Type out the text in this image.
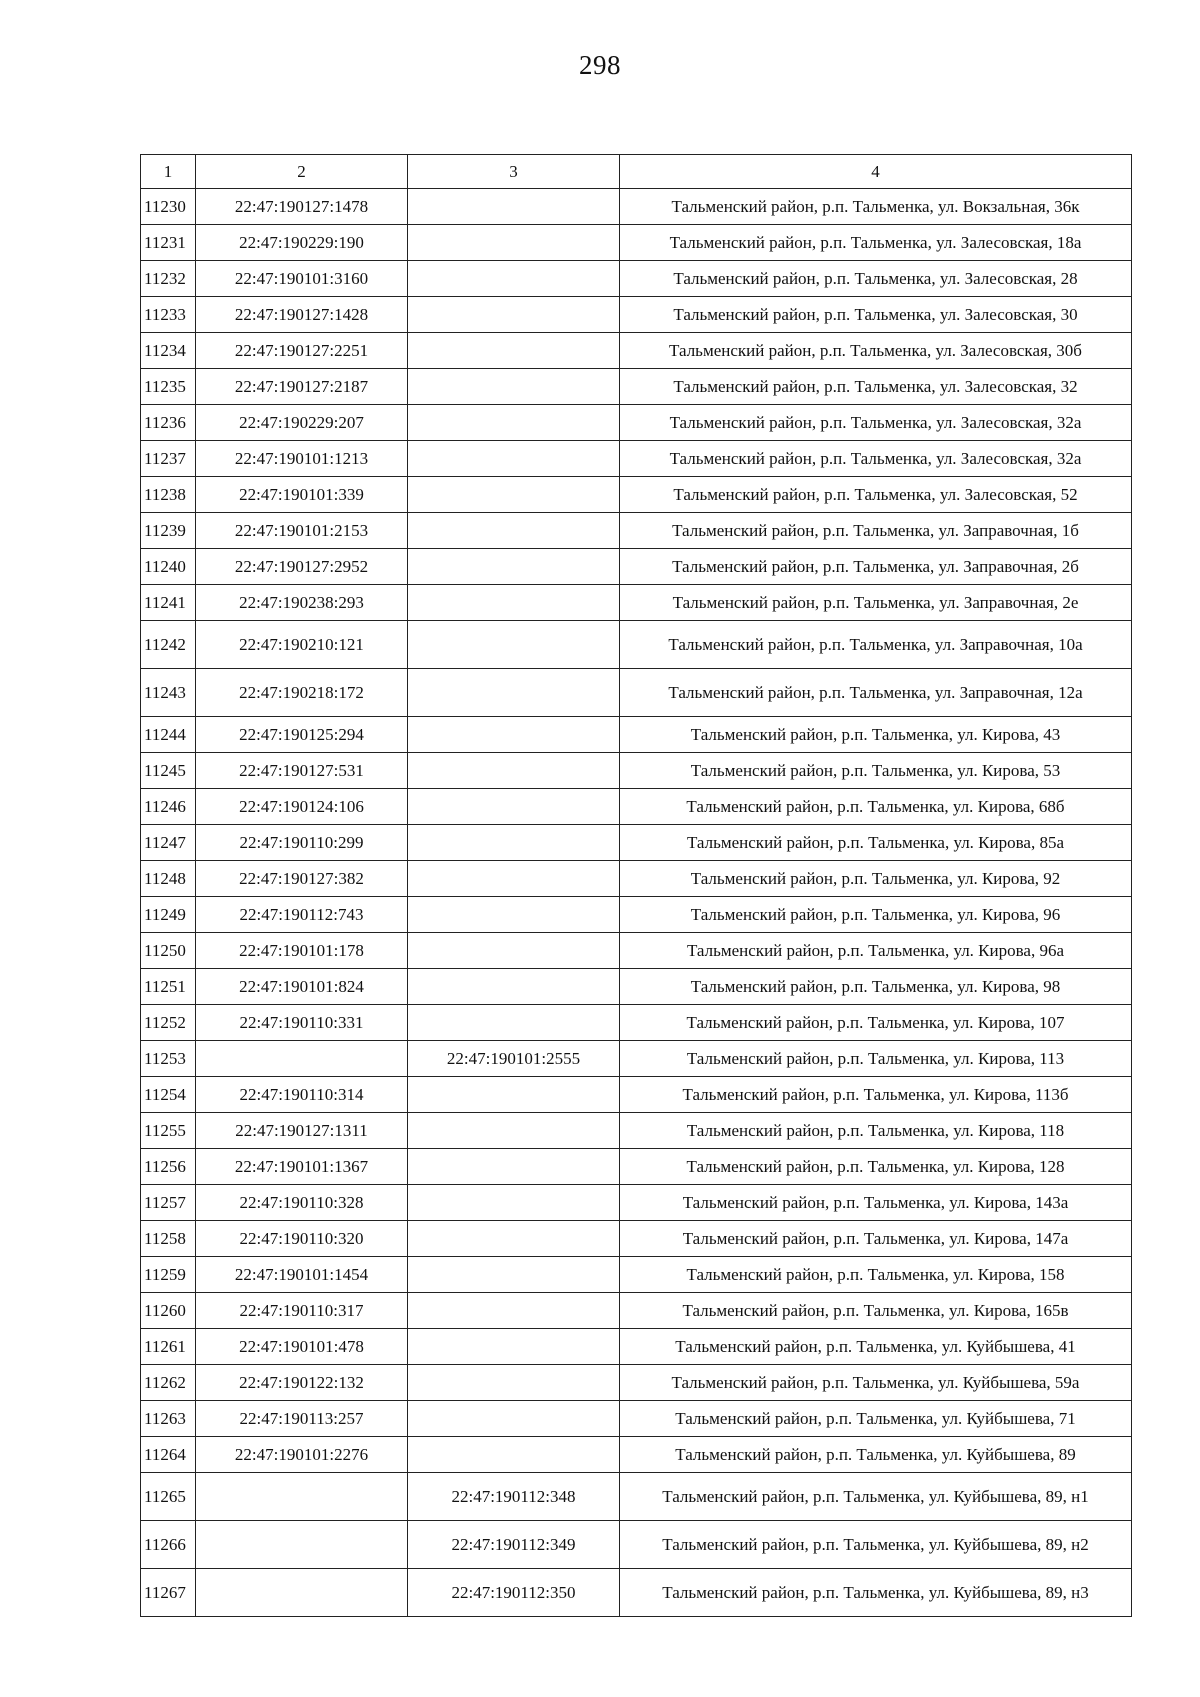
298
1	2	3	4
11230	22:47:190127:1478		Тальменский район, р.п. Тальменка, ул. Вокзальная, 36к
11231	22:47:190229:190		Тальменский район, р.п. Тальменка, ул. Залесовская, 18а
11232	22:47:190101:3160		Тальменский район, р.п. Тальменка, ул. Залесовская, 28
11233	22:47:190127:1428		Тальменский район, р.п. Тальменка, ул. Залесовская, 30
11234	22:47:190127:2251		Тальменский район, р.п. Тальменка, ул. Залесовская, 30б
11235	22:47:190127:2187		Тальменский район, р.п. Тальменка, ул. Залесовская, 32
11236	22:47:190229:207		Тальменский район, р.п. Тальменка, ул. Залесовская, 32а
11237	22:47:190101:1213		Тальменский район, р.п. Тальменка, ул. Залесовская, 32а
11238	22:47:190101:339		Тальменский район, р.п. Тальменка, ул. Залесовская, 52
11239	22:47:190101:2153		Тальменский район, р.п. Тальменка, ул. Заправочная, 1б
11240	22:47:190127:2952		Тальменский район, р.п. Тальменка, ул. Заправочная, 2б
11241	22:47:190238:293		Тальменский район, р.п. Тальменка, ул. Заправочная, 2е
11242	22:47:190210:121		Тальменский район, р.п. Тальменка, ул. Заправочная, 10а
11243	22:47:190218:172		Тальменский район, р.п. Тальменка, ул. Заправочная, 12а
11244	22:47:190125:294		Тальменский район, р.п. Тальменка, ул. Кирова, 43
11245	22:47:190127:531		Тальменский район, р.п. Тальменка, ул. Кирова, 53
11246	22:47:190124:106		Тальменский район, р.п. Тальменка, ул. Кирова, 68б
11247	22:47:190110:299		Тальменский район, р.п. Тальменка, ул. Кирова, 85а
11248	22:47:190127:382		Тальменский район, р.п. Тальменка, ул. Кирова, 92
11249	22:47:190112:743		Тальменский район, р.п. Тальменка, ул. Кирова, 96
11250	22:47:190101:178		Тальменский район, р.п. Тальменка, ул. Кирова, 96а
11251	22:47:190101:824		Тальменский район, р.п. Тальменка, ул. Кирова, 98
11252	22:47:190110:331		Тальменский район, р.п. Тальменка, ул. Кирова, 107
11253		22:47:190101:2555	Тальменский район, р.п. Тальменка, ул. Кирова, 113
11254	22:47:190110:314		Тальменский район, р.п. Тальменка, ул. Кирова, 113б
11255	22:47:190127:1311		Тальменский район, р.п. Тальменка, ул. Кирова, 118
11256	22:47:190101:1367		Тальменский район, р.п. Тальменка, ул. Кирова, 128
11257	22:47:190110:328		Тальменский район, р.п. Тальменка, ул. Кирова, 143а
11258	22:47:190110:320		Тальменский район, р.п. Тальменка, ул. Кирова, 147а
11259	22:47:190101:1454		Тальменский район, р.п. Тальменка, ул. Кирова, 158
11260	22:47:190110:317		Тальменский район, р.п. Тальменка, ул. Кирова, 165в
11261	22:47:190101:478		Тальменский район, р.п. Тальменка, ул. Куйбышева, 41
11262	22:47:190122:132		Тальменский район, р.п. Тальменка, ул. Куйбышева, 59а
11263	22:47:190113:257		Тальменский район, р.п. Тальменка, ул. Куйбышева, 71
11264	22:47:190101:2276		Тальменский район, р.п. Тальменка, ул. Куйбышева, 89
11265		22:47:190112:348	Тальменский район, р.п. Тальменка, ул. Куйбышева, 89, н1
11266		22:47:190112:349	Тальменский район, р.п. Тальменка, ул. Куйбышева, 89, н2
11267		22:47:190112:350	Тальменский район, р.п. Тальменка, ул. Куйбышева, 89, н3
